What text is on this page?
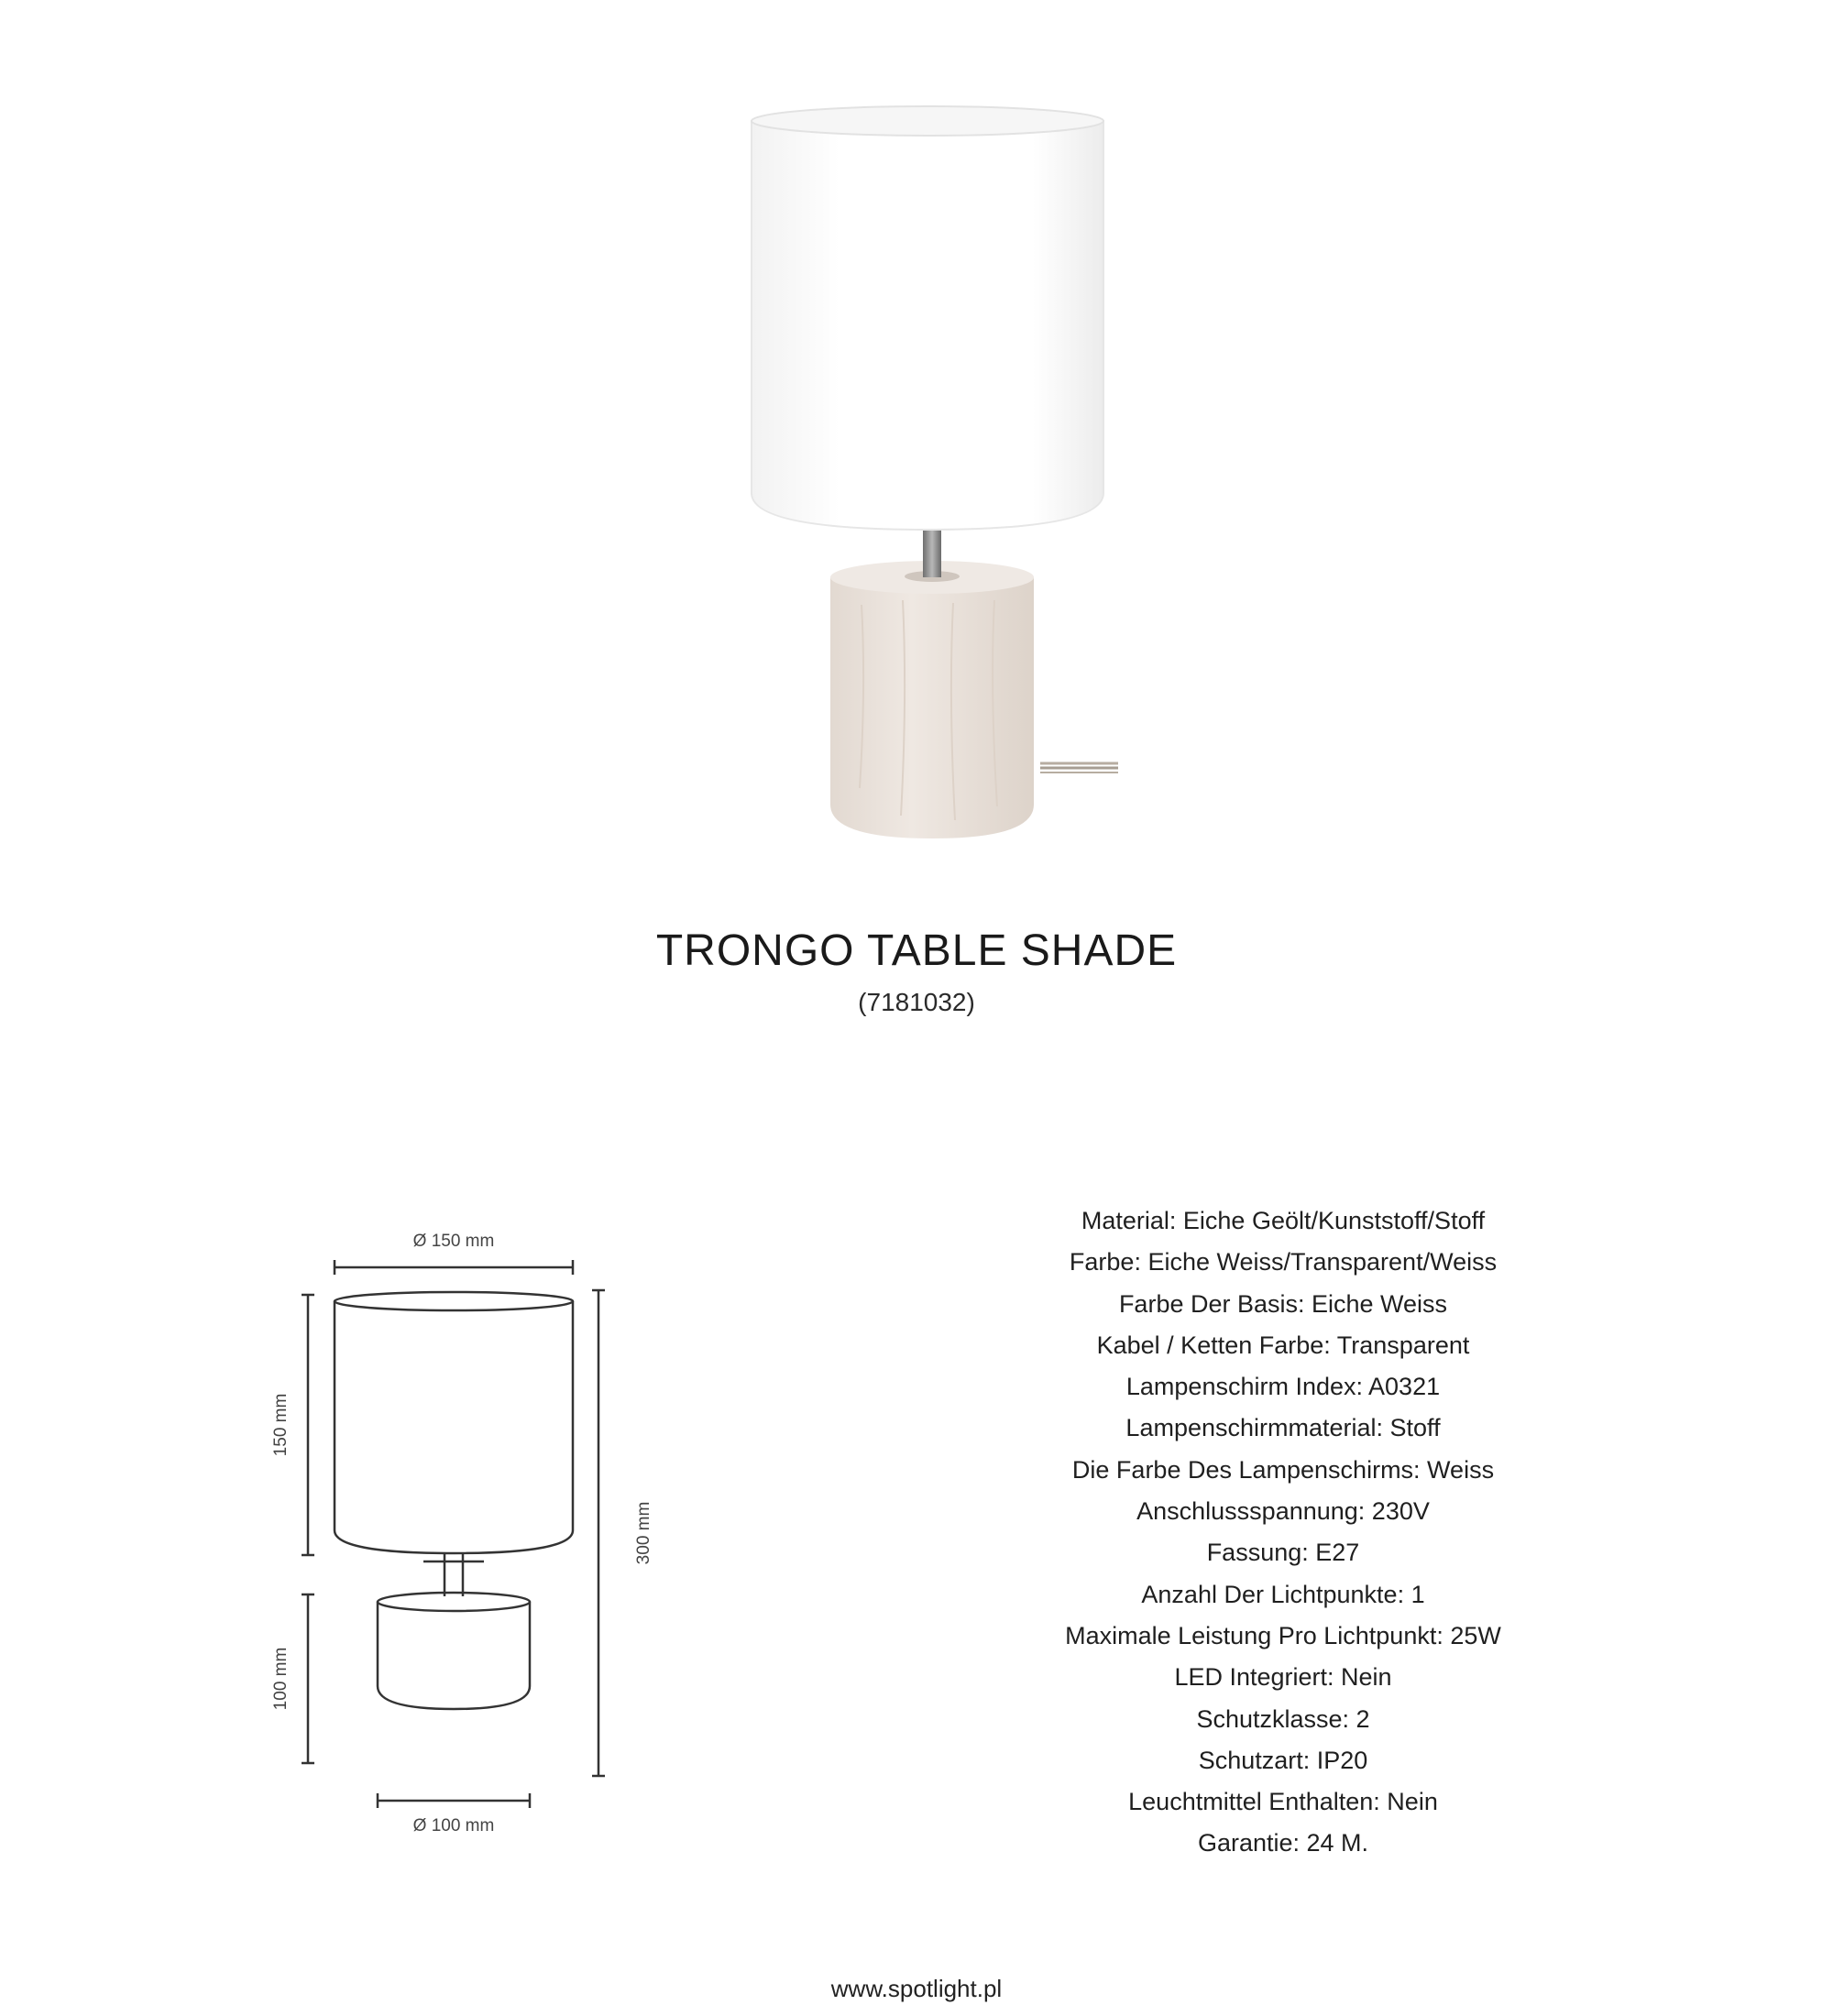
TRONGO TABLE SHADE
(7181032)
Ø 150 mm
150 mm
100 mm
300 mm
Ø 100 mm
Material: Eiche Geölt/Kunststoff/Stoff
Farbe: Eiche Weiss/Transparent/Weiss
Farbe Der Basis: Eiche Weiss
Kabel / Ketten Farbe: Transparent
Lampenschirm Index: A0321
Lampenschirmmaterial: Stoff
Die Farbe Des Lampenschirms: Weiss
Anschlussspannung: 230V
Fassung: E27
Anzahl Der Lichtpunkte: 1
Maximale Leistung Pro Lichtpunkt: 25W
LED Integriert: Nein
Schutzklasse: 2
Schutzart: IP20
Leuchtmittel Enthalten: Nein
Garantie: 24 M.
www.spotlight.pl
